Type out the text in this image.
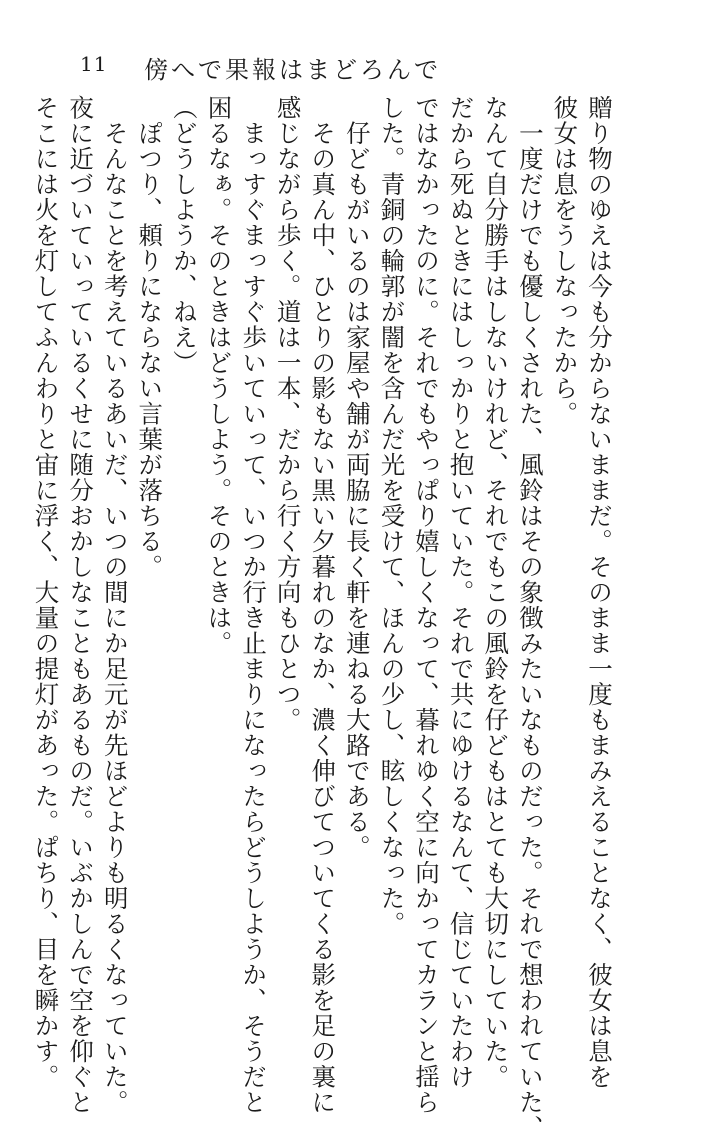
11 傍へで果報はまどろんで
贈り物のゆえは今も分からないままだ。そのまま一度もまみえることなく、彼女は息を
彼女は息をうしなったから。
　一度だけでも優しくされた、風鈴はその象徴みたいなものだった。それで想われていた、
なんて自分勝手はしないけれど、それでもこの風鈴を仔どもはとても大切にしていた。
だから死ぬときにはしっかりと抱いていた。それで共にゆけるなんて、信じていたわけ
ではなかったのに。それでもやっぱり嬉しくなって、暮れゆく空に向かってカランと揺ら
した。青銅の輪郭が闇を含んだ光を受けて、ほんの少し、眩しくなった。
　仔どもがいるのは家屋や舗が両脇に長く軒を連ねる大路である。
　その真ん中、ひとりの影もない黒い夕暮れのなか、濃く伸びてついてくる影を足の裏に
感じながら歩く。道は一本、だから行く方向もひとつ。
　まっすぐまっすぐ歩いていって、いつか行き止まりになったらどうしようか、そうだと
困るなぁ。そのときはどうしよう。そのときは。
（どうしようか、ねえ）
　ぽつり、頼りにならない言葉が落ちる。
　そんなことを考えているあいだ、いつの間にか足元が先ほどよりも明るくなっていた。
夜に近づいていっているくせに随分おかしなこともあるものだ。いぶかしんで空を仰ぐと
そこには火を灯してふんわりと宙に浮く、大量の提灯があった。ぱちり、目を瞬かす。
